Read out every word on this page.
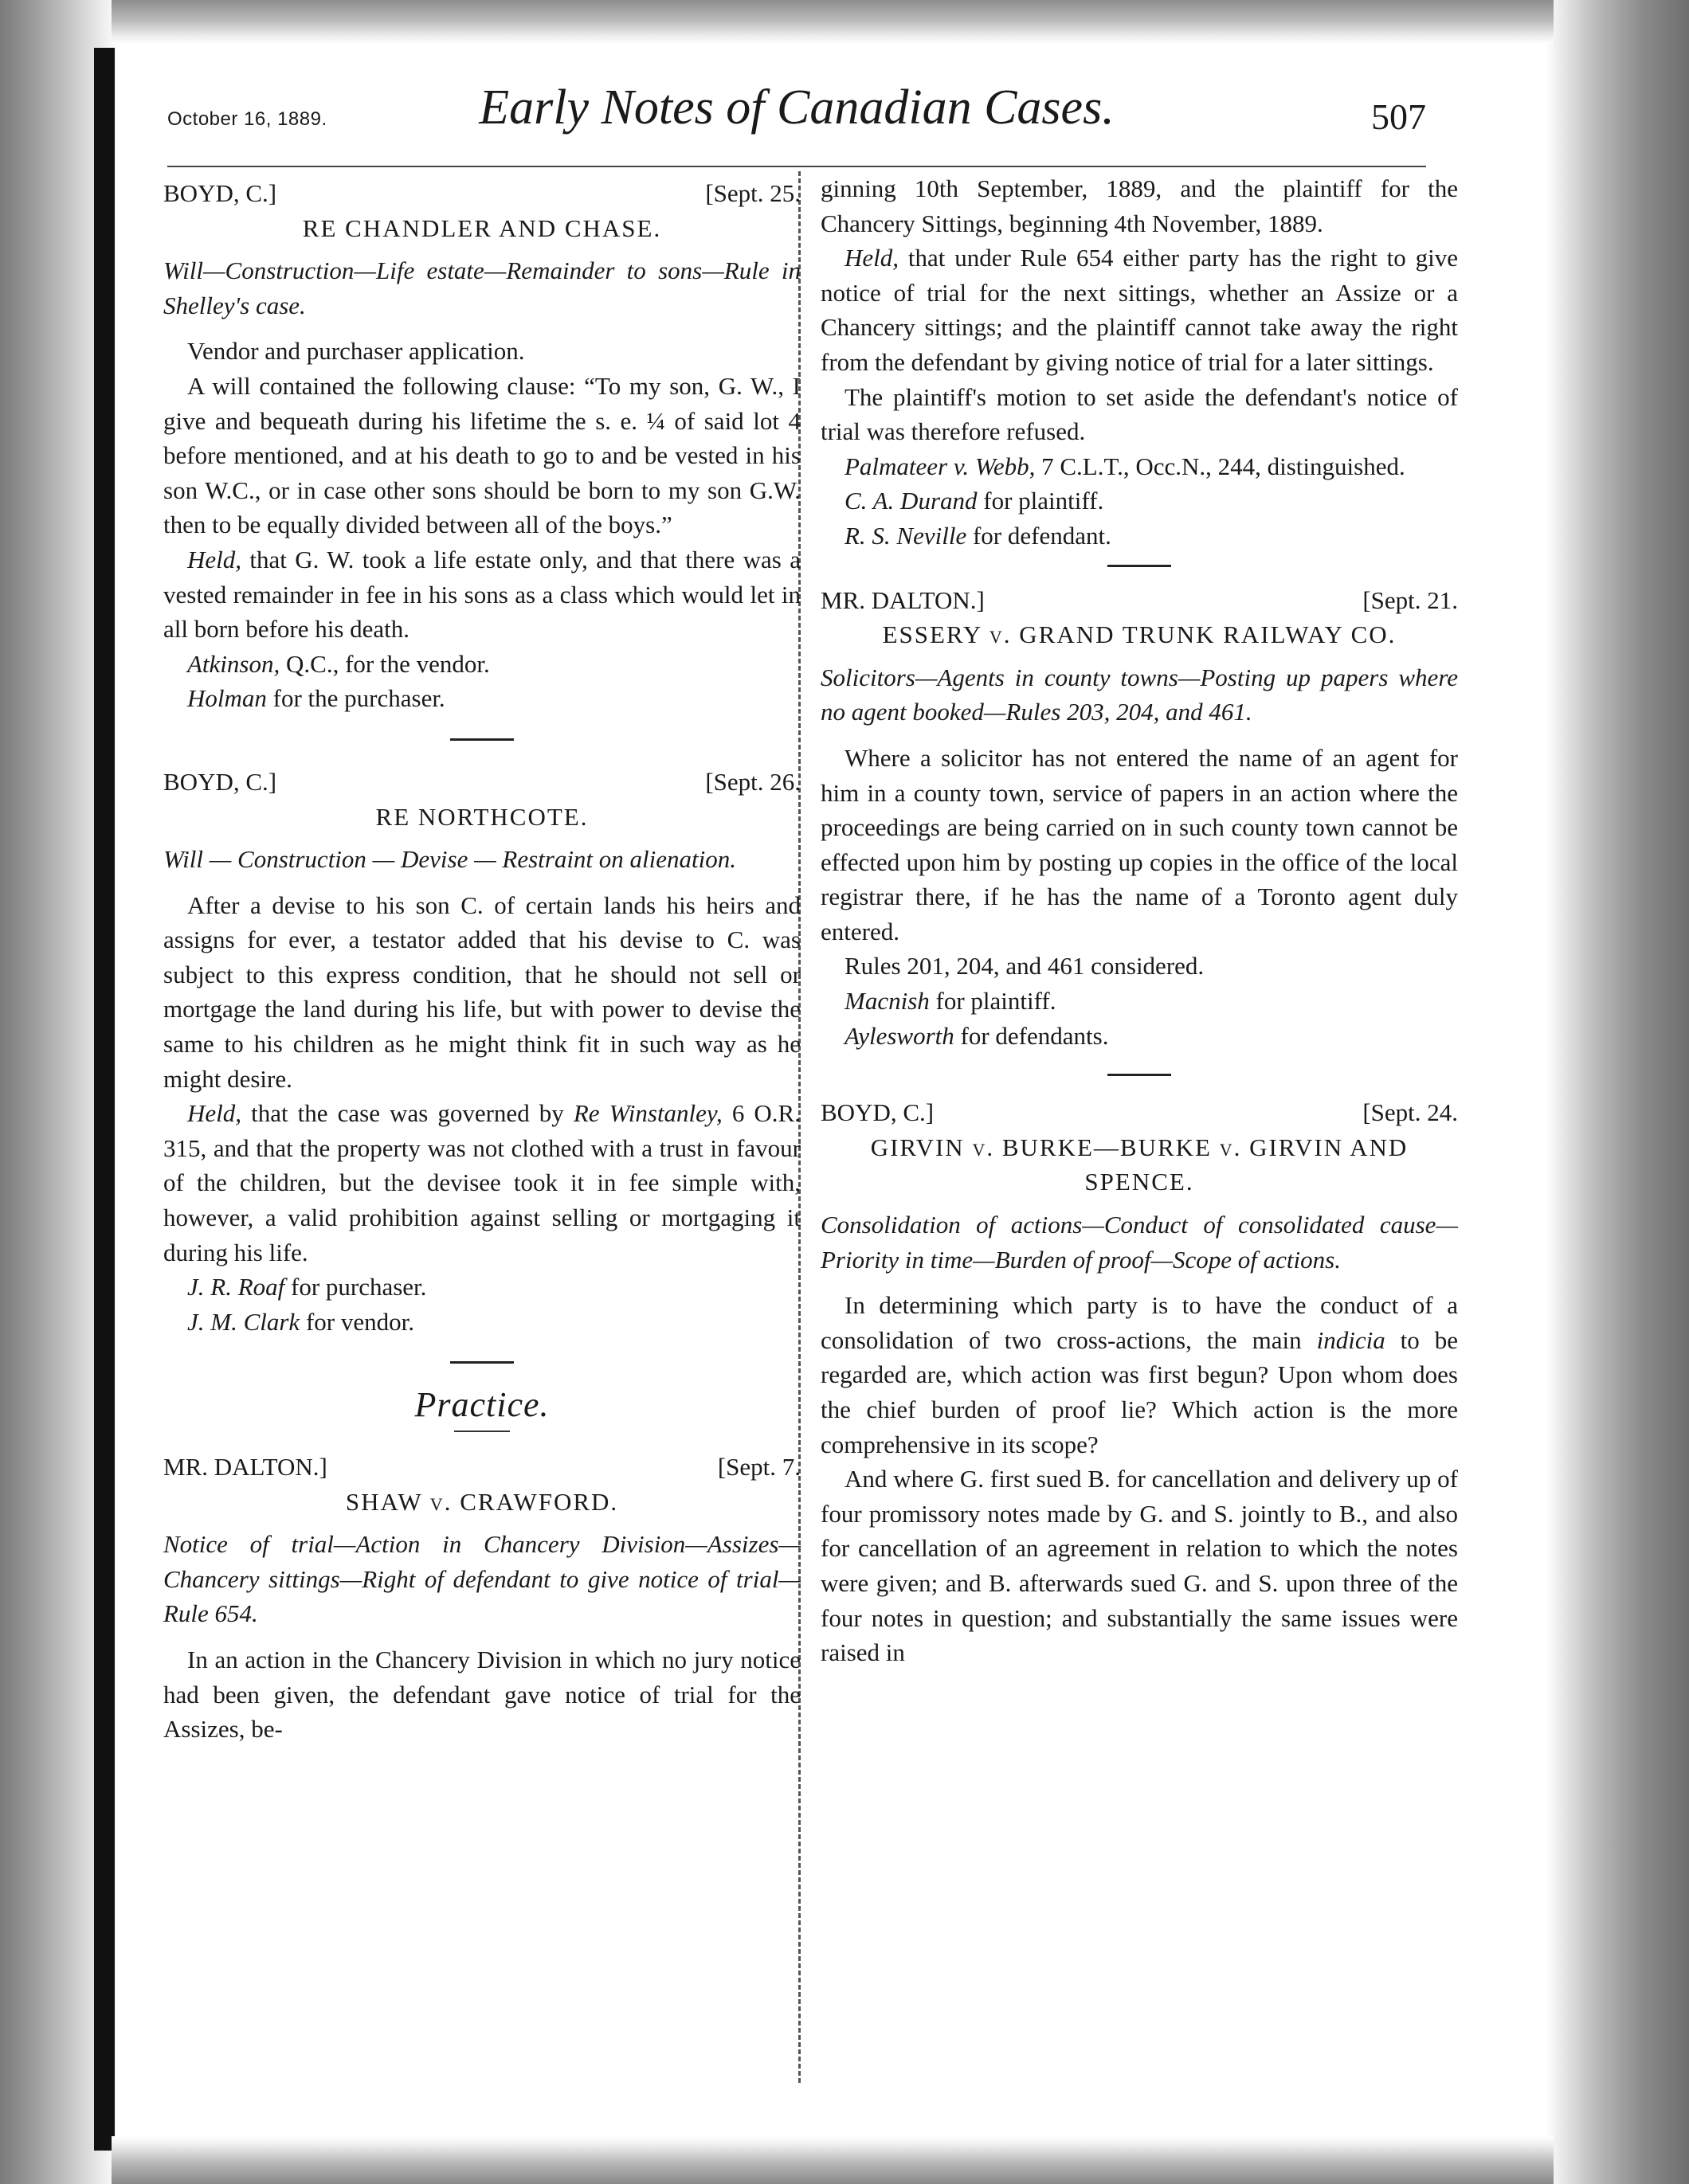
October 16, 1889.	Early Notes of Canadian Cases.	507
BOYD, C.]	[Sept. 25.
RE CHANDLER AND CHASE.
Will—Construction—Life estate—Remainder to sons—Rule in Shelley's case.

Vendor and purchaser application.

A will contained the following clause: “To my son, G. W., I give and bequeath during his lifetime the s. e. ¼ of said lot 4 before mentioned, and at his death to go to and be vested in his son W.C., or in case other sons should be born to my son G.W. then to be equally divided between all of the boys.”

Held, that G. W. took a life estate only, and that there was a vested remainder in fee in his sons as a class which would let in all born before his death.

Atkinson, Q.C., for the vendor.

Holman for the purchaser.

BOYD, C.]	[Sept. 26.
RE NORTHCOTE.
Will — Construction — Devise — Restraint on alienation.

After a devise to his son C. of certain lands his heirs and assigns for ever, a testator added that his devise to C. was subject to this express condition, that he should not sell or mortgage the land during his life, but with power to devise the same to his children as he might think fit in such way as he might desire.

Held, that the case was governed by Re Winstanley, 6 O.R. 315, and that the property was not clothed with a trust in favour of the children, but the devisee took it in fee simple with, however, a valid prohibition against selling or mortgaging it during his life.

J. R. Roaf for purchaser.

J. M. Clark for vendor.

Practice.
MR. DALTON.]	[Sept. 7.
SHAW v. CRAWFORD.
Notice of trial—Action in Chancery Division—Assizes—Chancery sittings—Right of defendant to give notice of trial—Rule 654.

In an action in the Chancery Division in which no jury notice had been given, the defendant gave notice of trial for the Assizes, be-

ginning 10th September, 1889, and the plaintiff for the Chancery Sittings, beginning 4th November, 1889.

Held, that under Rule 654 either party has the right to give notice of trial for the next sittings, whether an Assize or a Chancery sittings; and the plaintiff cannot take away the right from the defendant by giving notice of trial for a later sittings.

The plaintiff's motion to set aside the defendant's notice of trial was therefore refused.

Palmateer v. Webb, 7 C.L.T., Occ.N., 244, distinguished.

C. A. Durand for plaintiff.

R. S. Neville for defendant.

MR. DALTON.]	[Sept. 21.
ESSERY v. GRAND TRUNK RAILWAY CO.
Solicitors—Agents in county towns—Posting up papers where no agent booked—Rules 203, 204, and 461.

Where a solicitor has not entered the name of an agent for him in a county town, service of papers in an action where the proceedings are being carried on in such county town cannot be effected upon him by posting up copies in the office of the local registrar there, if he has the name of a Toronto agent duly entered.

Rules 201, 204, and 461 considered.

Macnish for plaintiff.

Aylesworth for defendants.

BOYD, C.]	[Sept. 24.
GIRVIN v. BURKE—BURKE v. GIRVIN AND SPENCE.
Consolidation of actions—Conduct of consolidated cause—Priority in time—Burden of proof—Scope of actions.

In determining which party is to have the conduct of a consolidation of two cross-actions, the main indicia to be regarded are, which action was first begun? Upon whom does the chief burden of proof lie? Which action is the more comprehensive in its scope?

And where G. first sued B. for cancellation and delivery up of four promissory notes made by G. and S. jointly to B., and also for cancellation of an agreement in relation to which the notes were given; and B. afterwards sued G. and S. upon three of the four notes in question; and substantially the same issues were raised in
